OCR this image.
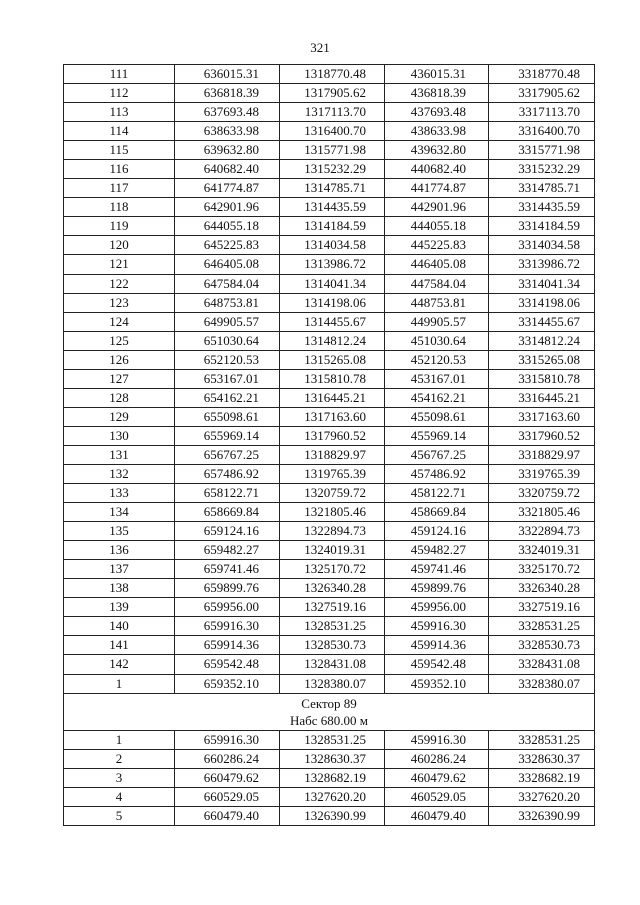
321
111	636015.31	1318770.48	436015.31	3318770.48
112	636818.39	1317905.62	436818.39	3317905.62
113	637693.48	1317113.70	437693.48	3317113.70
114	638633.98	1316400.70	438633.98	3316400.70
115	639632.80	1315771.98	439632.80	3315771.98
116	640682.40	1315232.29	440682.40	3315232.29
117	641774.87	1314785.71	441774.87	3314785.71
118	642901.96	1314435.59	442901.96	3314435.59
119	644055.18	1314184.59	444055.18	3314184.59
120	645225.83	1314034.58	445225.83	3314034.58
121	646405.08	1313986.72	446405.08	3313986.72
122	647584.04	1314041.34	447584.04	3314041.34
123	648753.81	1314198.06	448753.81	3314198.06
124	649905.57	1314455.67	449905.57	3314455.67
125	651030.64	1314812.24	451030.64	3314812.24
126	652120.53	1315265.08	452120.53	3315265.08
127	653167.01	1315810.78	453167.01	3315810.78
128	654162.21	1316445.21	454162.21	3316445.21
129	655098.61	1317163.60	455098.61	3317163.60
130	655969.14	1317960.52	455969.14	3317960.52
131	656767.25	1318829.97	456767.25	3318829.97
132	657486.92	1319765.39	457486.92	3319765.39
133	658122.71	1320759.72	458122.71	3320759.72
134	658669.84	1321805.46	458669.84	3321805.46
135	659124.16	1322894.73	459124.16	3322894.73
136	659482.27	1324019.31	459482.27	3324019.31
137	659741.46	1325170.72	459741.46	3325170.72
138	659899.76	1326340.28	459899.76	3326340.28
139	659956.00	1327519.16	459956.00	3327519.16
140	659916.30	1328531.25	459916.30	3328531.25
141	659914.36	1328530.73	459914.36	3328530.73
142	659542.48	1328431.08	459542.48	3328431.08
1	659352.10	1328380.07	459352.10	3328380.07

Сектор 89
Набс 680.00 м				

1	659916.30	1328531.25	459916.30	3328531.25
2	660286.24	1328630.37	460286.24	3328630.37
3	660479.62	1328682.19	460479.62	3328682.19
4	660529.05	1327620.20	460529.05	3327620.20
5	660479.40	1326390.99	460479.40	3326390.99
